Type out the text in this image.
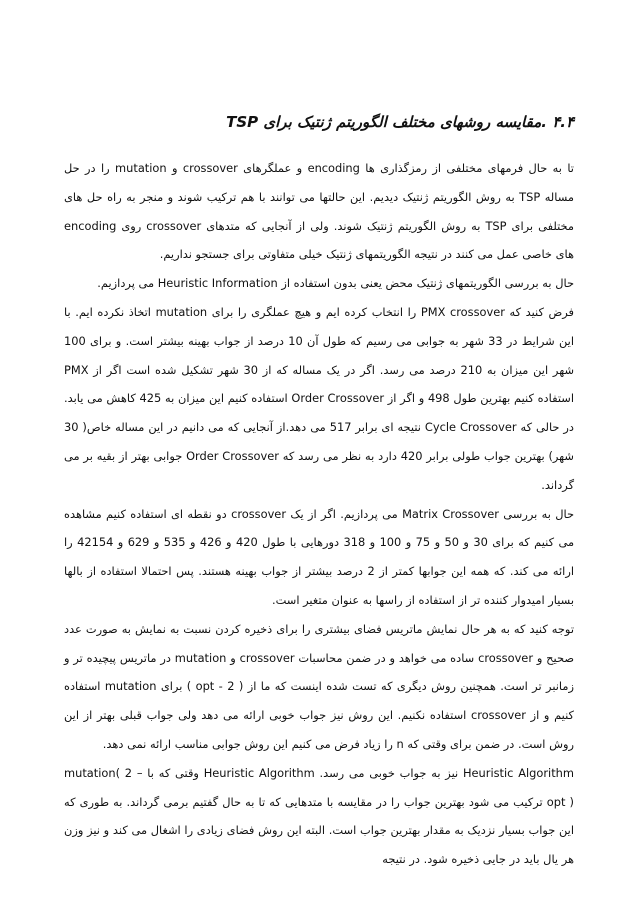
۴.۴ .مقایسه روشهای مختلف الگوریتم ژنتیک برای TSP

تا به حال فرمهای مختلفی از رمزگذاری ها encoding و عملگرهای crossover و mutation را در حل مساله TSP به روش الگوریتم ژنتیک دیدیم. این حالتها می توانند با هم ترکیب شوند و منجر به راه حل های مختلفی برای TSP به روش الگوریتم ژنتیک شوند. ولی از آنجایی که متدهای crossover روی encoding های خاصی عمل می کنند در نتیجه الگوریتمهای ژنتیک خیلی متفاوتی برای جستجو نداریم.

حال به بررسی الگوریتمهای ژنتیک محض یعنی بدون استفاده از Heuristic Information می پردازیم.

فرض کنید که PMX crossover را انتخاب کرده ایم و هیچ عملگری را برای mutation اتخاذ نکرده ایم. با این شرایط در 33 شهر به جوابی می رسیم که طول آن 10 درصد از جواب بهینه بیشتر است. و برای 100 شهر این میزان به 210 درصد می رسد. اگر در یک مساله که از 30 شهر تشکیل شده است اگر از PMX استفاده کنیم بهترین طول 498 و اگر از Order Crossover استفاده کنیم این میزان به 425 کاهش می یابد. در حالی که Cycle Crossover نتیجه ای برابر 517 می دهد.از آنجایی که می دانیم در این مساله خاص( 30 شهر) بهترین جواب طولی برابر 420 دارد به نظر می رسد که Order Crossover جوابی بهتر از بقیه بر می گرداند.

حال به بررسی Matrix Crossover می پردازیم. اگر از یک crossover دو نقطه ای استفاده کنیم مشاهده می کنیم که برای 30 و 50 و 75 و 100 و 318 دورهایی با طول 420 و 426 و 535 و 629 و 42154 را ارائه می کند. که همه این جوابها کمتر از 2 درصد بیشتر از جواب بهینه هستند. پس احتمالا استفاده از بالها بسیار امیدوار کننده تر از استفاده از راسها به عنوان متغیر است.

توجه کنید که به هر حال نمایش ماتریس فضای بیشتری را برای ذخیره کردن نسبت به نمایش به صورت عدد صحیح و crossover ساده می خواهد و در ضمن محاسبات crossover و mutation در ماتریس پیچیده تر و زمانبر تر است. همچنین روش دیگری که تست شده اینست که ما از ( 2 - opt ) برای mutation استفاده کنیم و از crossover استفاده نکنیم. این روش نیز جواب خوبی ارائه می دهد ولی جواب قبلی بهتر از این روش است. در ضمن برای وقتی که n را زیاد فرض می کنیم این روش جوابی مناسب ارائه نمی دهد.

Heuristic Algorithm نیز به جواب خوبی می رسد. Heuristic Algorithm وقتی که با mutation( 2 – opt ) ترکیب می شود بهترین جواب را در مقایسه با متدهایی که تا به حال گفتیم برمی گرداند. به طوری که این جواب بسیار نزدیک به مقدار بهترین جواب است. البته این روش فضای زیادی را اشغال می کند و نیز وزن هر یال باید در جایی ذخیره شود. در نتیجه
